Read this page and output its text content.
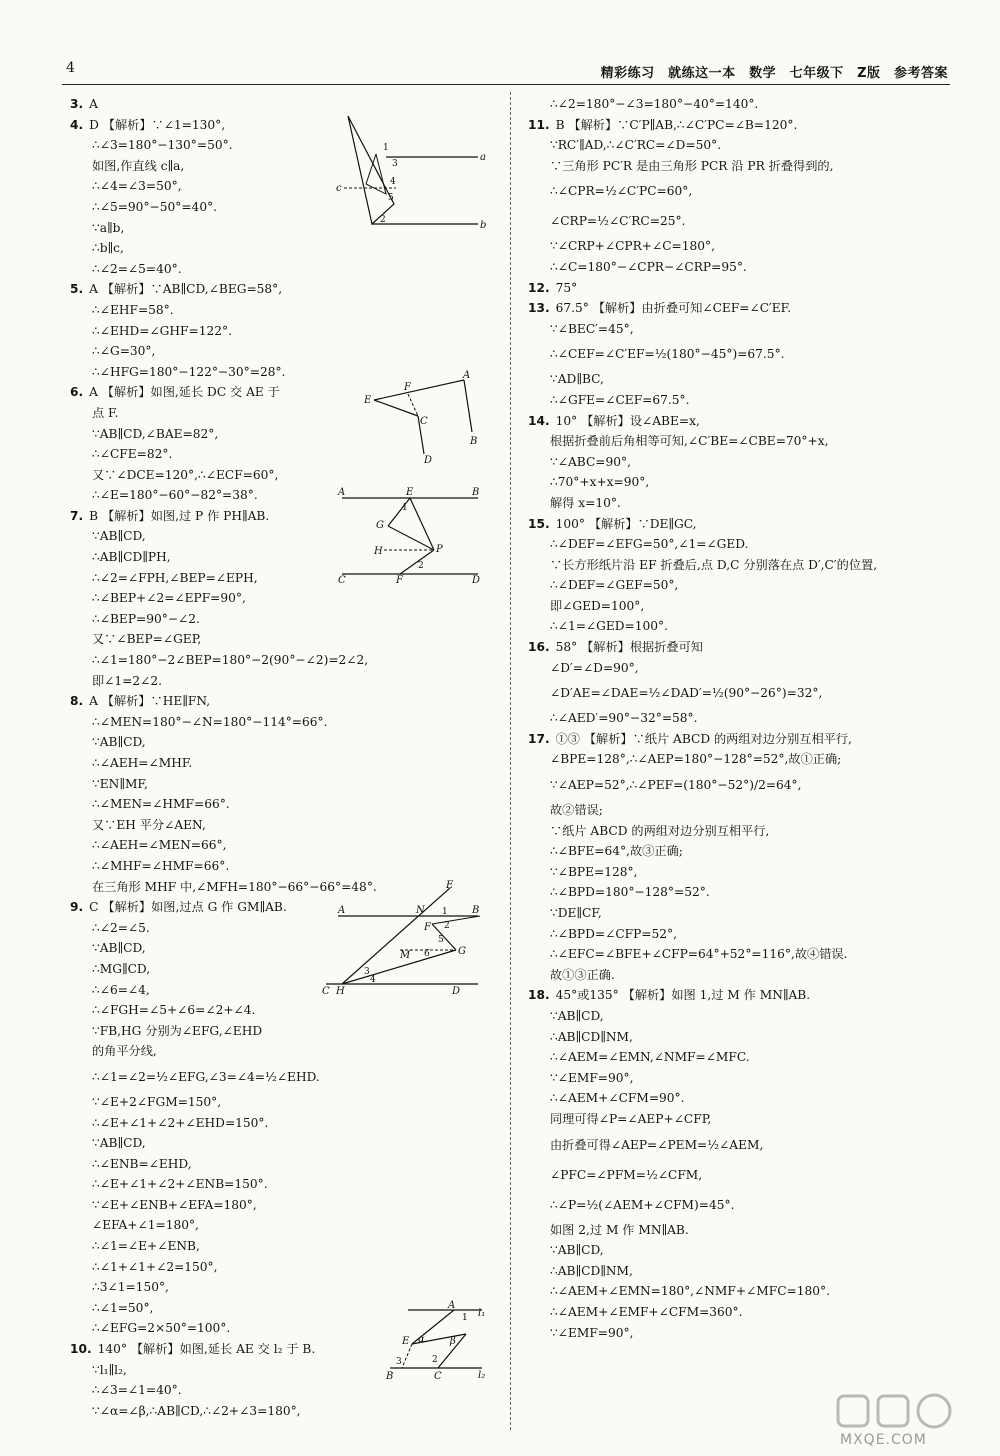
4	精彩练习　就练这一本　数学　七年级下　Z版　参考答案
3. A
4. D 【解析】∵∠1=130°,
∴∠3=180°−130°=50°.
如图,作直线 c∥a,
∴∠4=∠3=50°,
∴∠5=90°−50°=40°.
∵a∥b,
∴b∥c,
∴∠2=∠5=40°.
5. A 【解析】∵AB∥CD,∠BEG=58°,
∴∠EHF=58°.
∴∠EHD=∠GHF=122°.
∴∠G=30°,
∴∠HFG=180°−122°−30°=28°.
6. A 【解析】如图,延长 DC 交 AE 于
点 F.
∵AB∥CD,∠BAE=82°,
∴∠CFE=82°.
又∵∠DCE=120°,∴∠ECF=60°,
∴∠E=180°−60°−82°=38°.
7. B 【解析】如图,过 P 作 PH∥AB.
∵AB∥CD,
∴AB∥CD∥PH,
∴∠2=∠FPH,∠BEP=∠EPH,
∴∠BEP+∠2=∠EPF=90°,
∴∠BEP=90°−∠2.
又∵∠BEP=∠GEP,
∴∠1=180°−2∠BEP=180°−2(90°−∠2)=2∠2,
即∠1=2∠2.
8. A 【解析】∵HE∥FN,
∴∠MEN=180°−∠N=180°−114°=66°.
∵AB∥CD,
∴∠AEH=∠MHF.
∵EN∥MF,
∴∠MEN=∠HMF=66°.
又∵EH 平分∠AEN,
∴∠AEH=∠MEN=66°,
∴∠MHF=∠HMF=66°.
在三角形 MHF 中,∠MFH=180°−66°−66°=48°.
9. C 【解析】如图,过点 G 作 GM∥AB.
∴∠2=∠5.
∵AB∥CD,
∴MG∥CD,
∴∠6=∠4,
∴∠FGH=∠5+∠6=∠2+∠4.
∵FB,HG 分别为∠EFG,∠EHD
的角平分线,
∴∠1=∠2=½∠EFG,∠3=∠4=½∠EHD.
∵∠E+2∠FGM=150°,
∴∠E+∠1+∠2+∠EHD=150°.
∵AB∥CD,
∴∠ENB=∠EHD,
∴∠E+∠1+∠2+∠ENB=150°.
∵∠E+∠ENB+∠EFA=180°,
∠EFA+∠1=180°,
∴∠1=∠E+∠ENB,
∴∠1+∠1+∠2=150°,
∴3∠1=150°,
∴∠1=50°,
∴∠EFG=2×50°=100°.
10. 140° 【解析】如图,延长 AE 交 l₂ 于 B.
∵l₁∥l₂,
∴∠3=∠1=40°.
∵∠α=∠β,∴AB∥CD,∴∠2+∠3=180°,
∴∠2=180°−∠3=180°−40°=140°.
11. B 【解析】∵C′P∥AB,∴∠C′PC=∠B=120°.
∵RC′∥AD,∴∠C′RC=∠D=50°.
∵三角形 PC′R 是由三角形 PCR 沿 PR 折叠得到的,
∴∠CPR=½∠C′PC=60°,
∠CRP=½∠C′RC=25°.
∵∠CRP+∠CPR+∠C=180°,
∴∠C=180°−∠CPR−∠CRP=95°.
12. 75°
13. 67.5° 【解析】由折叠可知∠CEF=∠C′EF.
∵∠BEC′=45°,
∴∠CEF=∠C′EF=½(180°−45°)=67.5°.
∵AD∥BC,
∴∠GFE=∠CEF=67.5°.
14. 10° 【解析】设∠ABE=x,
根据折叠前后角相等可知,∠C′BE=∠CBE=70°+x,
∵∠ABC=90°,
∴70°+x+x=90°,
解得 x=10°.
15. 100° 【解析】∵DE∥GC,
∴∠DEF=∠EFG=50°,∠1=∠GED.
∵长方形纸片沿 EF 折叠后,点 D,C 分别落在点 D′,C′的位置,
∴∠DEF=∠GEF=50°,
即∠GED=100°,
∴∠1=∠GED=100°.
16. 58° 【解析】根据折叠可知
∠D′=∠D=90°,
∠D′AE=∠DAE=½∠DAD′=½(90°−26°)=32°,
∴∠AED′=90°−32°=58°.
17. ①③ 【解析】∵纸片 ABCD 的两组对边分别互相平行,
∠BPE=128°,∴∠AEP=180°−128°=52°,故①正确;
∵∠AEP=52°,∴∠PEF=(180°−52°)/2=64°,
故②错误;
∵纸片 ABCD 的两组对边分别互相平行,
∴∠BFE=64°,故③正确;
∵∠BPE=128°,
∴∠BPD=180°−128°=52°.
∵DE∥CF,
∴∠BPD=∠CFP=52°,
∴∠EFC=∠BFE+∠CFP=64°+52°=116°,故④错误.
故①③正确.
18. 45°或135° 【解析】如图 1,过 M 作 MN∥AB.
∵AB∥CD,
∴AB∥CD∥NM,
∴∠AEM=∠EMN,∠NMF=∠MFC.
∵∠EMF=90°,
∴∠AEM+∠CFM=90°.
同理可得∠P=∠AEP+∠CFP,
由折叠可得∠AEP=∠PEM=½∠AEM,
∠PFC=∠PFM=½∠CFM,
∴∠P=½(∠AEM+∠CFM)=45°.
如图 2,过 M 作 MN∥AB.
∵AB∥CD,
∴AB∥CD∥NM,
∴∠AEM+∠EMN=180°,∠NMF+∠MFC=180°.
∴∠AEM+∠EMF+∠CFM=360°.
∵∠EMF=90°,
1
3
4
5
2
a
b
c
A
B
C
D
E
F
A	B
C	D
E
F
G
H	P
1
2
A	B
C	D
E
N
F
G
M
H
1
2
5
6
3
4
A
B	C
E
l₁
l₂
α	β
1
2
3
MXQE.COM
